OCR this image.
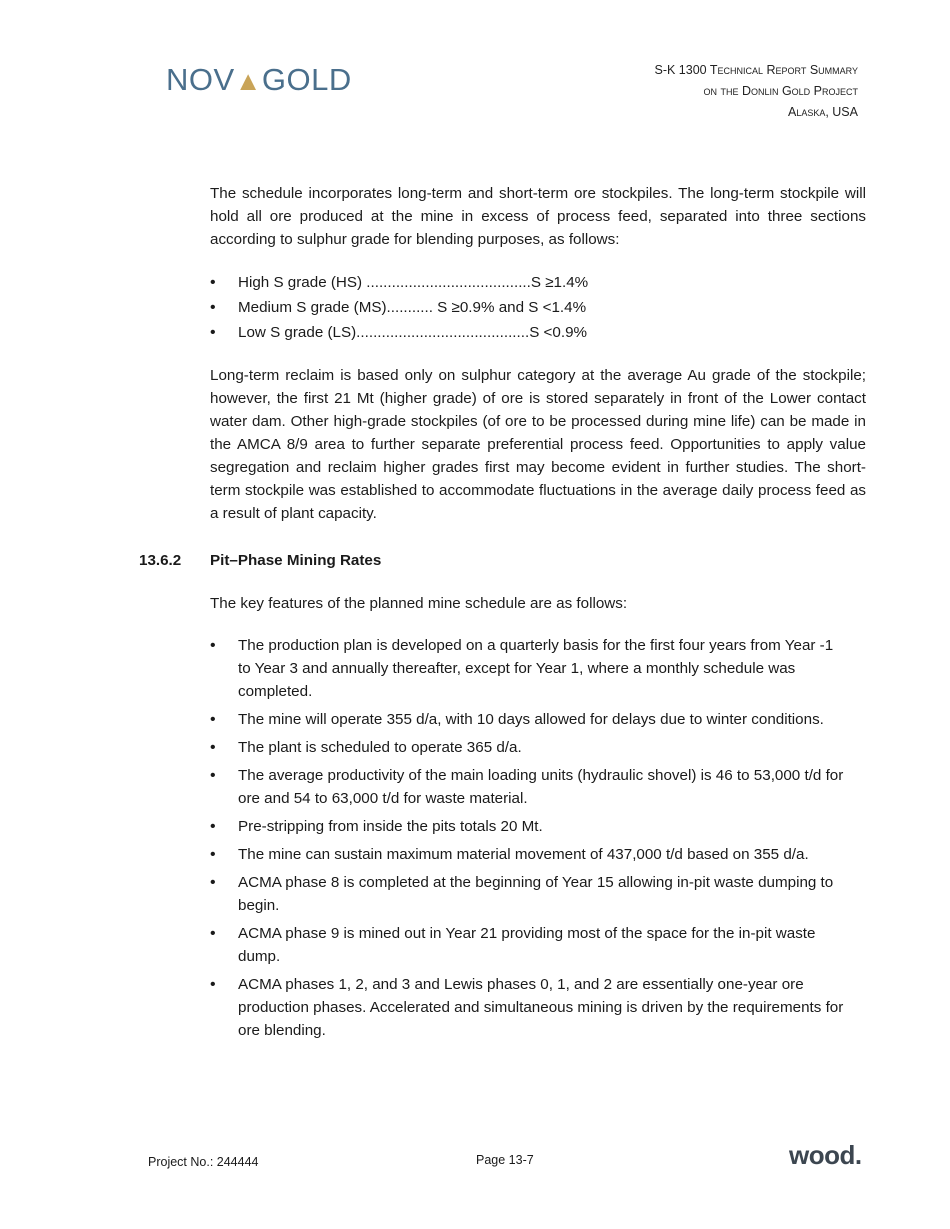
NOV▲GOLD	S-K 1300 Technical Report Summary
on the Donlin Gold Project
Alaska, USA
The schedule incorporates long-term and short-term ore stockpiles. The long-term stockpile will hold all ore produced at the mine in excess of process feed, separated into three sections according to sulphur grade for blending purposes, as follows:
• High S grade (HS) .......................................S ≥1.4%
• Medium S grade (MS)........... S ≥0.9% and S <1.4%
• Low S grade (LS).........................................S <0.9%
Long-term reclaim is based only on sulphur category at the average Au grade of the stockpile; however, the first 21 Mt (higher grade) of ore is stored separately in front of the Lower contact water dam. Other high-grade stockpiles (of ore to be processed during mine life) can be made in the AMCA 8/9 area to further separate preferential process feed. Opportunities to apply value segregation and reclaim higher grades first may become evident in further studies. The short-term stockpile was established to accommodate fluctuations in the average daily process feed as a result of plant capacity.
13.6.2 Pit–Phase Mining Rates
The key features of the planned mine schedule are as follows:
• The production plan is developed on a quarterly basis for the first four years from Year -1 to Year 3 and annually thereafter, except for Year 1, where a monthly schedule was completed.
• The mine will operate 355 d/a, with 10 days allowed for delays due to winter conditions.
• The plant is scheduled to operate 365 d/a.
• The average productivity of the main loading units (hydraulic shovel) is 46 to 53,000 t/d for ore and 54 to 63,000 t/d for waste material.
• Pre-stripping from inside the pits totals 20 Mt.
• The mine can sustain maximum material movement of 437,000 t/d based on 355 d/a.
• ACMA phase 8 is completed at the beginning of Year 15 allowing in-pit waste dumping to begin.
• ACMA phase 9 is mined out in Year 21 providing most of the space for the in-pit waste dump.
• ACMA phases 1, 2, and 3 and Lewis phases 0, 1, and 2 are essentially one-year ore production phases. Accelerated and simultaneous mining is driven by the requirements for ore blending.
Project No.: 244444	Page 13-7	wood.
